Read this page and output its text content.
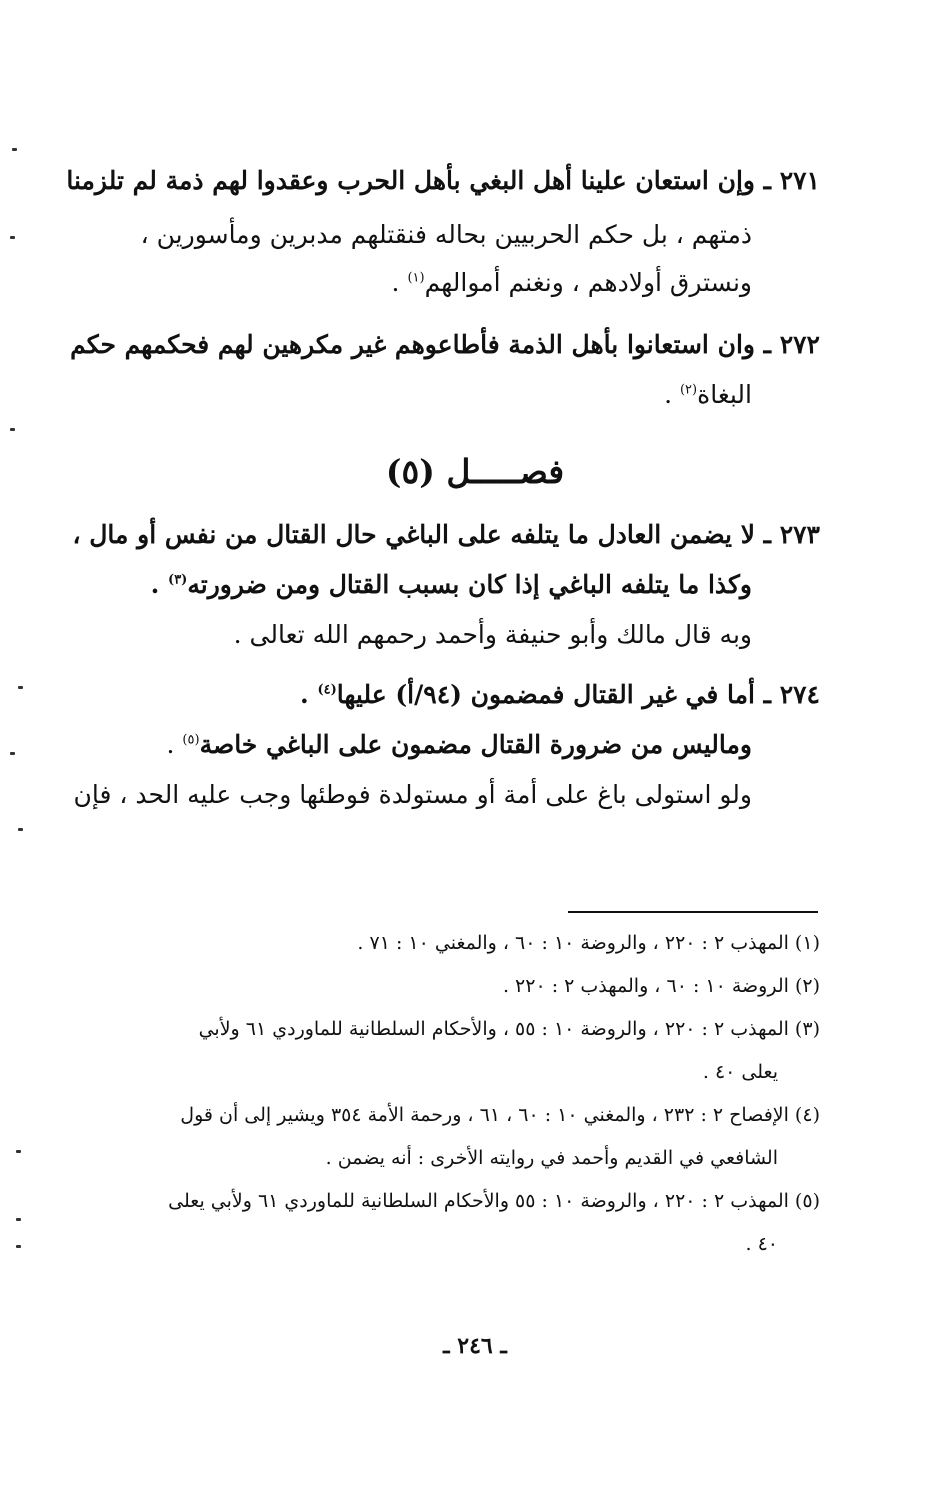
٢٧١ ـ وإن استعان علينا أهل البغي بأهل الحرب وعقدوا لهم ذمة لم تلزمنا
ذمتهم ، بل حكم الحربيين بحاله فنقتلهم مدبرين ومأسورين ،
ونسترق أولادهم ، ونغنم أموالهم$^{(١)}$ .
٢٧٢ ـ وان استعانوا بأهل الذمة فأطاعوهم غير مكرهين لهم فحكمهم حكم
البغاة$^{(٢)}$ .
فصـــــل (٥)
٢٧٣ ـ لا يضمن العادل ما يتلفه على الباغي حال القتال من نفس أو مال ،
وكذا ما يتلفه الباغي إذا كان بسبب القتال ومن ضرورته$^{(٣)}$ .
وبه قال مالك وأبو حنيفة وأحمد رحمهم الله تعالى .
٢٧٤ ـ أما في غير القتال فمضمون (٩٤/أ) عليها$^{(٤)}$ .
وماليس من ضرورة القتال مضمون على الباغي خاصة$^{(٥)}$ .
ولو استولى باغ على أمة أو مستولدة فوطئها وجب عليه الحد ، فإن
(١) المهذب ٢ : ٢٢٠ ، والروضة ١٠ : ٦٠ ، والمغني ١٠ : ٧١ .
(٢) الروضة ١٠ : ٦٠ ، والمهذب ٢ : ٢٢٠ .
(٣) المهذب ٢ : ٢٢٠ ، والروضة ١٠ : ٥٥ ، والأحكام السلطانية للماوردي ٦١ ولأبي
يعلى ٤٠ .
(٤) الإفصاح ٢ : ٢٣٢ ، والمغني ١٠ : ٦٠ ، ٦١ ، ورحمة الأمة ٣٥٤ ويشير إلى أن قول
الشافعي في القديم وأحمد في روايته الأخرى : أنه يضمن .
(٥) المهذب ٢ : ٢٢٠ ، والروضة ١٠ : ٥٥ والأحكام السلطانية للماوردي ٦١ ولأبي يعلى
٤٠ .
ـ ٢٤٦ ـ
